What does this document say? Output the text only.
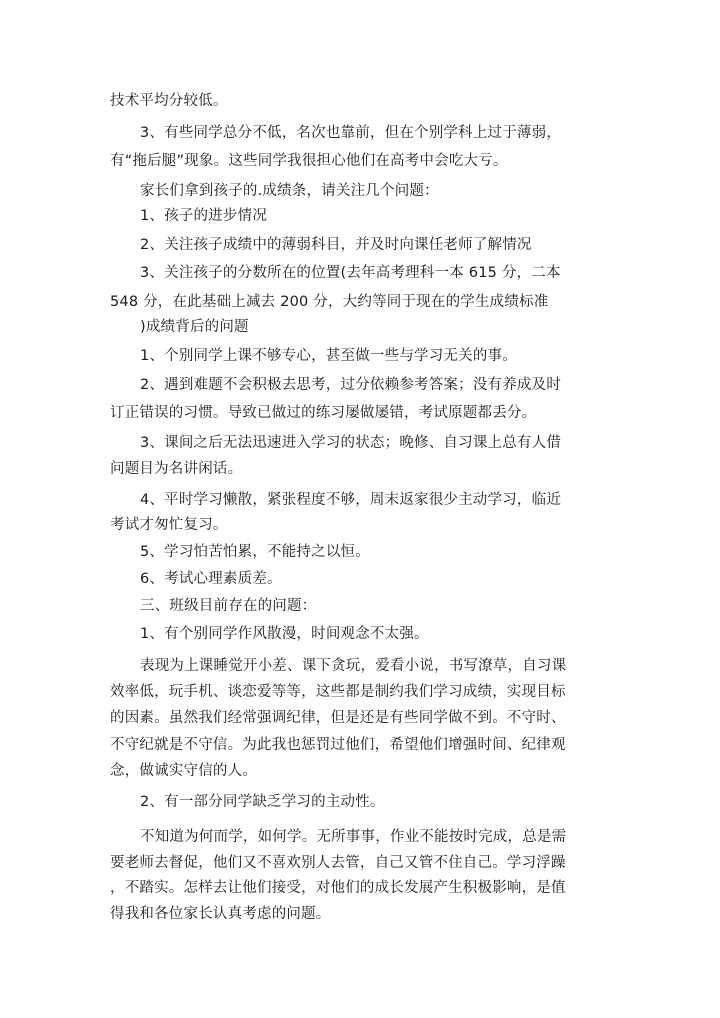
技术平均分较低。
3、有些同学总分不低，名次也靠前，但在个别学科上过于薄弱，
有“拖后腿”现象。这些同学我很担心他们在高考中会吃大亏。
家长们拿到孩子的.成绩条，请关注几个问题：
1、孩子的进步情况
2、关注孩子成绩中的薄弱科目，并及时向课任老师了解情况
3、关注孩子的分数所在的位置(去年高考理科一本 615 分，二本
548 分，在此基础上减去 200 分，大约等同于现在的学生成绩标准
)成绩背后的问题
1、个别同学上课不够专心，甚至做一些与学习无关的事。
2、遇到难题不会积极去思考，过分依赖参考答案；没有养成及时
订正错误的习惯。导致已做过的练习屡做屡错，考试原题都丢分。
3、课间之后无法迅速进入学习的状态；晚修、自习课上总有人借
问题目为名讲闲话。
4、平时学习懒散，紧张程度不够，周末返家很少主动学习，临近
考试才匆忙复习。
5、学习怕苦怕累，不能持之以恒。
6、考试心理素质差。
三、班级目前存在的问题：
1、有个别同学作风散漫，时间观念不太强。
表现为上课睡觉开小差、课下贪玩，爱看小说，书写潦草，自习课
效率低，玩手机、谈恋爱等等，这些都是制约我们学习成绩，实现目标
的因素。虽然我们经常强调纪律，但是还是有些同学做不到。不守时、
不守纪就是不守信。为此我也惩罚过他们，希望他们增强时间、纪律观
念，做诚实守信的人。
2、有一部分同学缺乏学习的主动性。
不知道为何而学，如何学。无所事事，作业不能按时完成，总是需
要老师去督促，他们又不喜欢别人去管，自己又管不住自己。学习浮躁
，不踏实。怎样去让他们接受，对他们的成长发展产生积极影响，是值
得我和各位家长认真考虑的问题。
